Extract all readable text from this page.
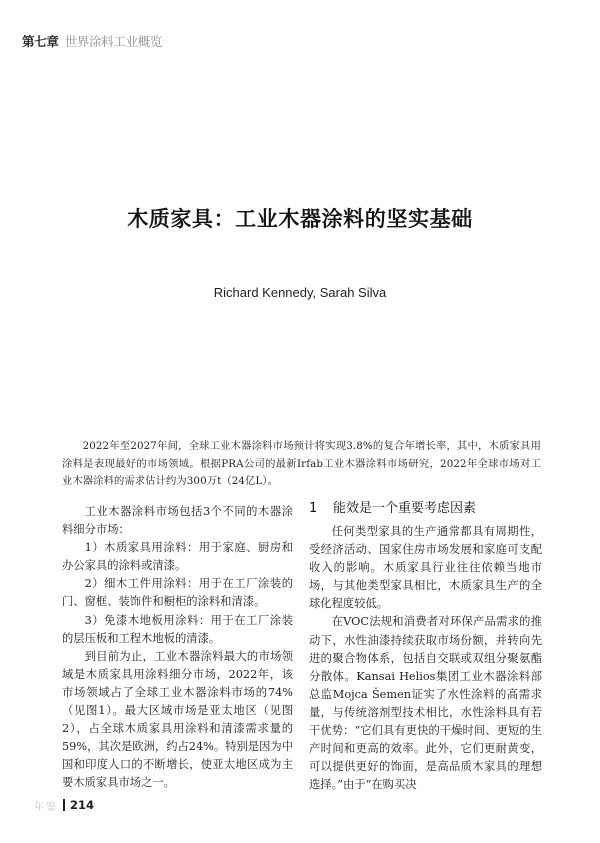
第七章 世界涂料工业概览
木质家具：工业木器涂料的坚实基础
Richard Kennedy, Sarah Silva

2022年至2027年间，全球工业木器涂料市场预计将实现3.8%的复合年增长率，其中，木质家具用涂料是表现最好的市场领域。根据PRA公司的最新Irfab工业木器涂料市场研究，2022年全球市场对工业木器涂料的需求估计约为300万t（24亿L）。

工业木器涂料市场包括3个不同的木器涂料细分市场：

1）木质家具用涂料：用于家庭、厨房和办公家具的涂料或清漆。

2）细木工件用涂料：用于在工厂涂装的门、窗框、装饰件和橱柜的涂料和清漆。

3）免漆木地板用涂料：用于在工厂涂装的层压板和工程木地板的清漆。

到目前为止，工业木器涂料最大的市场领域是木质家具用涂料细分市场，2022年，该市场领域占了全球工业木器涂料市场的74%（见图1）。最大区域市场是亚太地区（见图2），占全球木质家具用涂料和清漆需求量的59%，其次是欧洲，约占24%。特别是因为中国和印度人口的不断增长，使亚太地区成为主要木质家具市场之一。

1 能效是一个重要考虑因素

任何类型家具的生产通常都具有周期性，受经济活动、国家住房市场发展和家庭可支配收入的影响。木质家具行业往往依赖当地市场，与其他类型家具相比，木质家具生产的全球化程度较低。

在VOC法规和消费者对环保产品需求的推动下，水性油漆持续获取市场份额，并转向先进的聚合物体系，包括自交联或双组分聚氨酯分散体。Kansai Helios集团工业木器涂料部总监Mojca Šemen证实了水性涂料的高需求量，与传统溶剂型技术相比，水性涂料具有若干优势：“它们具有更快的干燥时间、更短的生产时间和更高的效率。此外，它们更耐黄变，可以提供更好的饰面，是高品质木家具的理想选择。”由于“在购买决

年鉴 214
